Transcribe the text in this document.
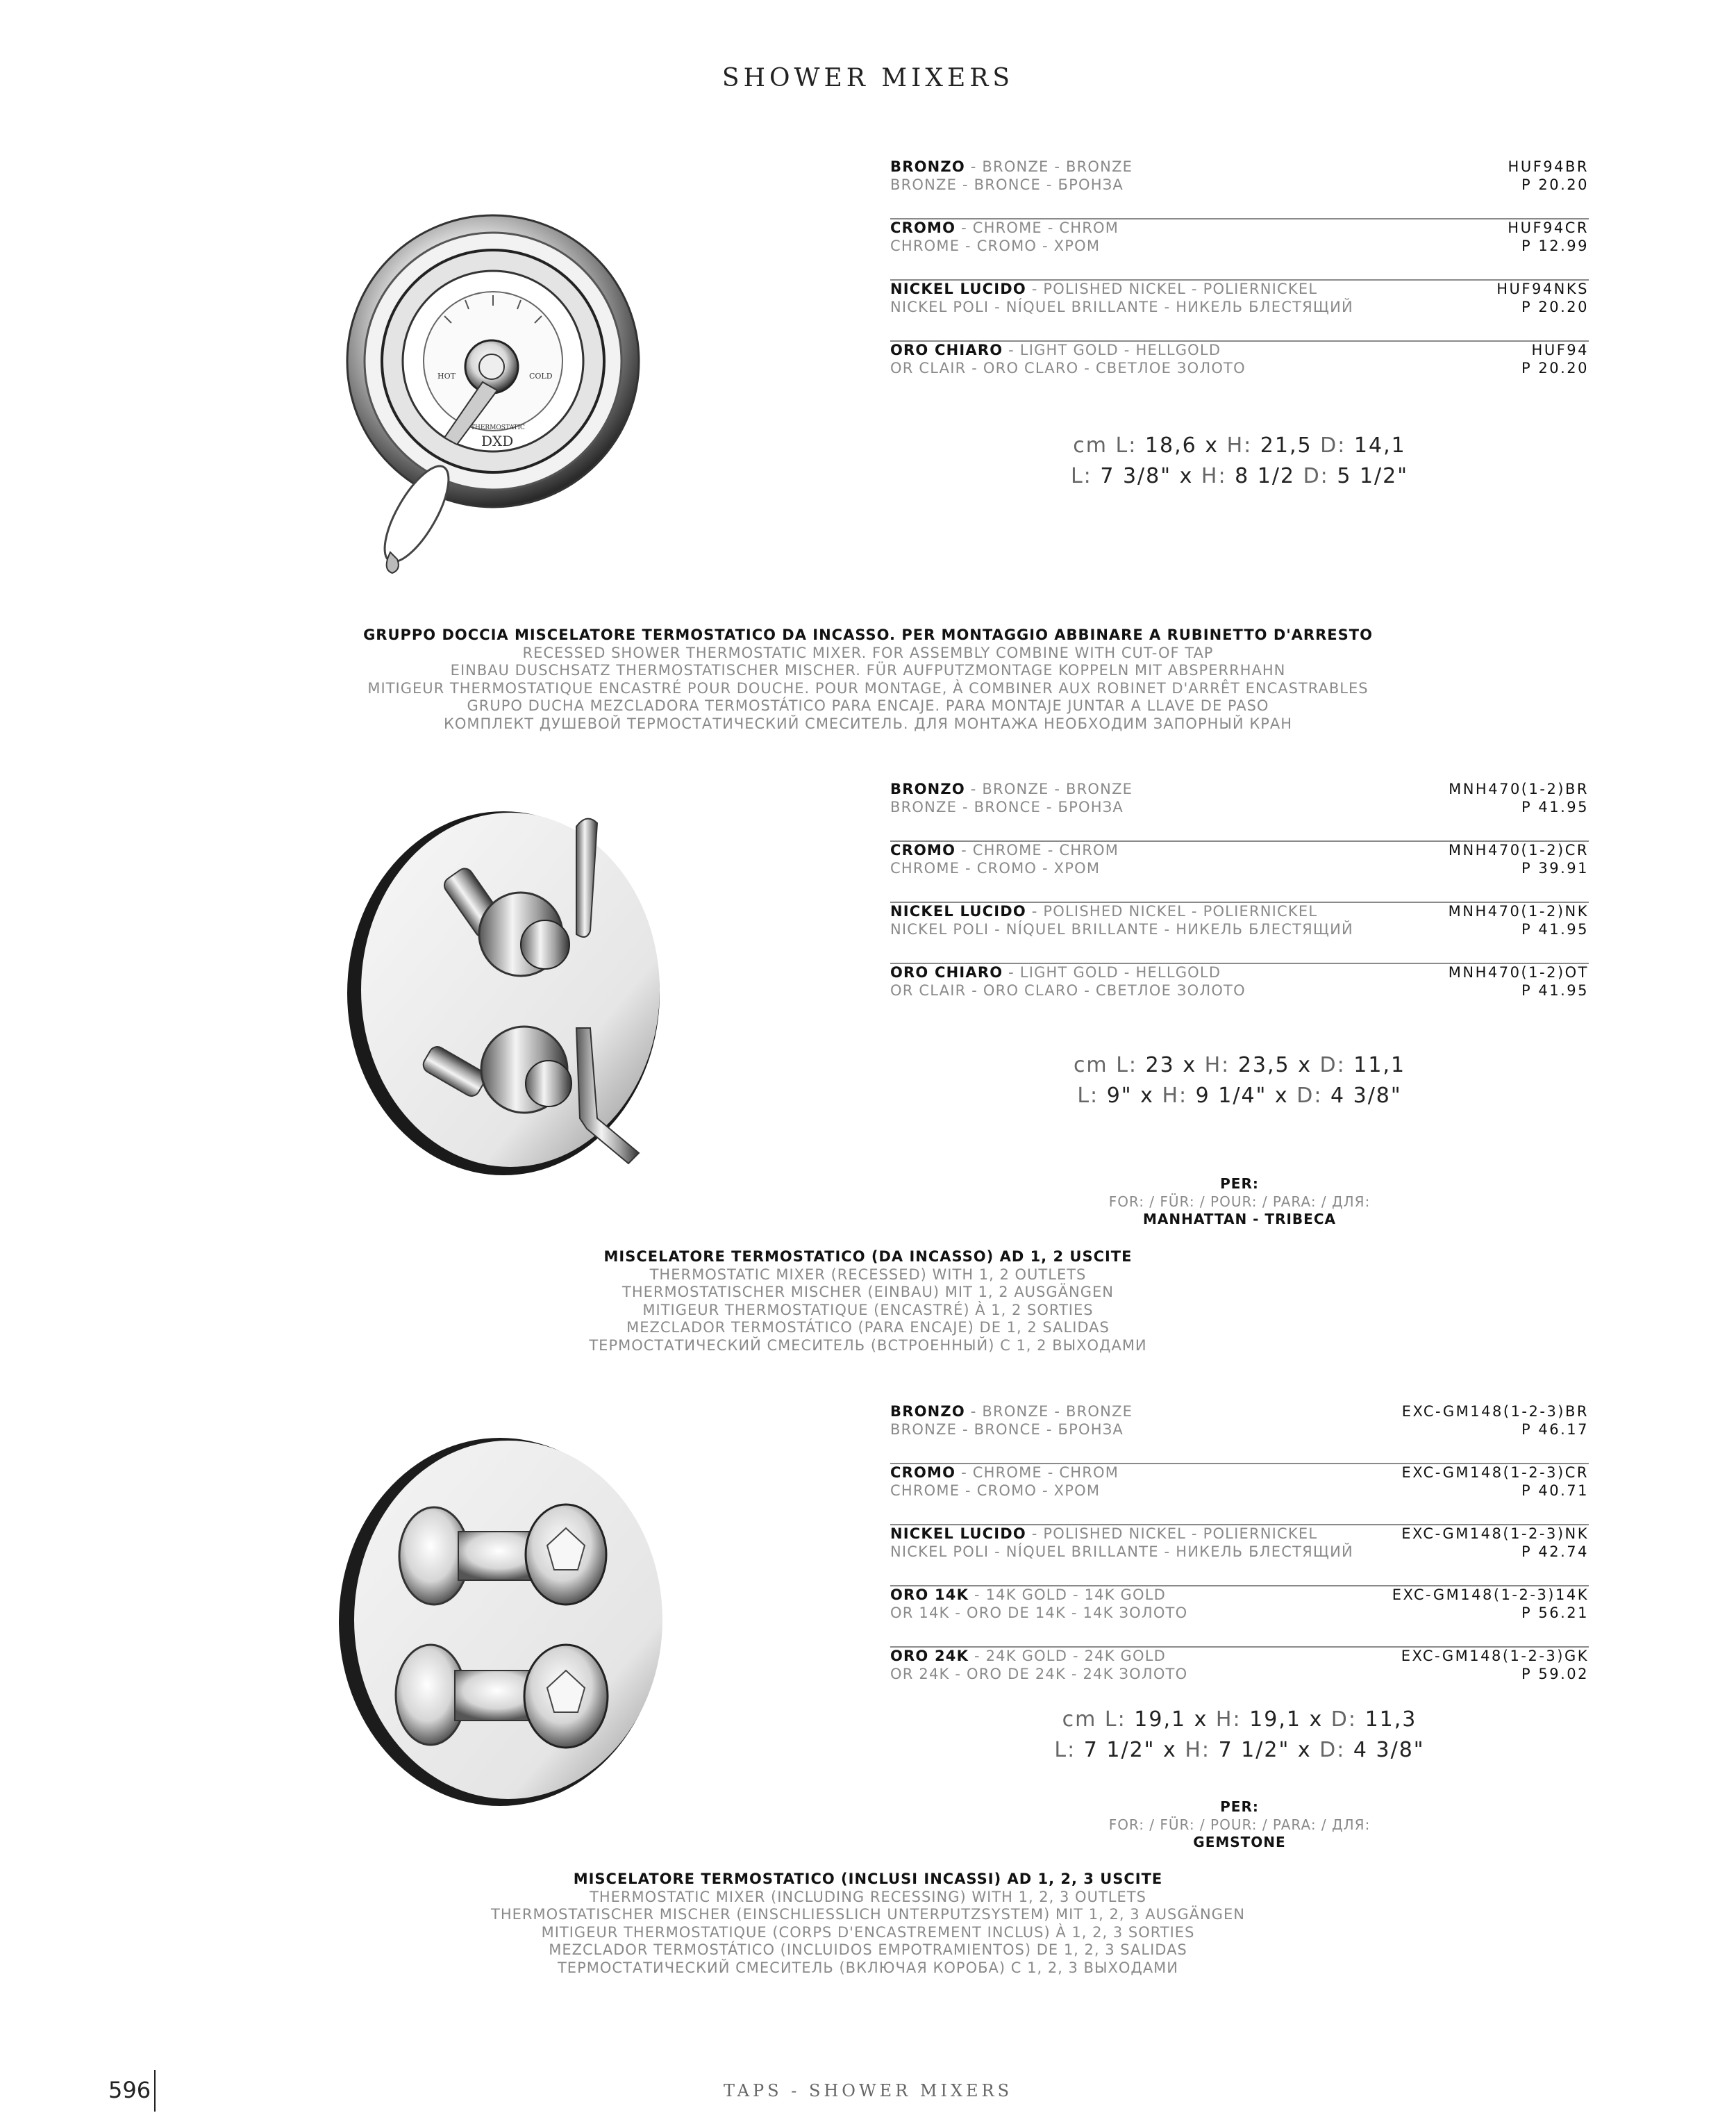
SHOWER MIXERS
HOT	COLD
THERMOSTATIC
DXD
BRONZO - BRONZE - BRONZE
BRONZE - BRONCE - БРОНЗА
HUF94BR
P 20.20
CROMO - CHROME - CHROM
CHROME - CROMO - ХРОМ
HUF94CR
P 12.99
NICKEL LUCIDO - POLISHED NICKEL - POLIERNICKEL
NICKEL POLI - NÍQUEL BRILLANTE - НИКЕЛЬ БЛЕСТЯЩИЙ
HUF94NKS
P 20.20
ORO CHIARO - LIGHT GOLD - HELLGOLD
OR CLAIR - ORO CLARO - СВЕТЛОЕ ЗОЛОТО
HUF94
P 20.20
cm L: 18,6 x H: 21,5 D: 14,1
L: 7 3/8" x H: 8 1/2 D: 5 1/2"
GRUPPO DOCCIA MISCELATORE TERMOSTATICO DA INCASSO. PER MONTAGGIO ABBINARE A RUBINETTO D'ARRESTO
RECESSED SHOWER THERMOSTATIC MIXER. FOR ASSEMBLY COMBINE WITH CUT-OF TAP
EINBAU DUSCHSATZ THERMOSTATISCHER MISCHER. FÜR AUFPUTZMONTAGE KOPPELN MIT ABSPERRHAHN
MITIGEUR THERMOSTATIQUE ENCASTRÉ POUR DOUCHE. POUR MONTAGE, À COMBINER AUX ROBINET D'ARRÊT ENCASTRABLES
GRUPO DUCHA MEZCLADORA TERMOSTÁTICO PARA ENCAJE. PARA MONTAJE JUNTAR A LLAVE DE PASO
КОМПЛЕКТ ДУШЕВОЙ ТЕРМОСТАТИЧЕСКИЙ СМЕСИТЕЛЬ. ДЛЯ МОНТАЖА НЕОБХОДИМ ЗАПОРНЫЙ КРАН
BRONZO - BRONZE - BRONZE
BRONZE - BRONCE - БРОНЗА
MNH470(1-2)BR
P 41.95
CROMO - CHROME - CHROM
CHROME - CROMO - ХРОМ
MNH470(1-2)CR
P 39.91
NICKEL LUCIDO - POLISHED NICKEL - POLIERNICKEL
NICKEL POLI - NÍQUEL BRILLANTE - НИКЕЛЬ БЛЕСТЯЩИЙ
MNH470(1-2)NK
P 41.95
ORO CHIARO - LIGHT GOLD - HELLGOLD
OR CLAIR - ORO CLARO - СВЕТЛОЕ ЗОЛОТО
MNH470(1-2)OT
P 41.95
cm L: 23 x H: 23,5 x D: 11,1
L: 9" x H: 9 1/4" x D: 4 3/8"
PER:
FOR: / FÜR: / POUR: / PARA: / ДЛЯ:
MANHATTAN - TRIBECA
MISCELATORE TERMOSTATICO (DA INCASSO) AD 1, 2 USCITE
THERMOSTATIC MIXER (RECESSED) WITH 1, 2 OUTLETS
THERMOSTATISCHER MISCHER (EINBAU) MIT 1, 2 AUSGÄNGEN
MITIGEUR THERMOSTATIQUE (ENCASTRÉ) À 1, 2 SORTIES
MEZCLADOR TERMOSTÁTICO (PARA ENCAJE) DE 1, 2 SALIDAS
ТЕРМОСТАТИЧЕСКИЙ СМЕСИТЕЛЬ (ВСТРОЕННЫЙ) С 1, 2 ВЫХОДАМИ
BRONZO - BRONZE - BRONZE
BRONZE - BRONCE - БРОНЗА
EXC-GM148(1-2-3)BR
P 46.17
CROMO - CHROME - CHROM
CHROME - CROMO - ХРОМ
EXC-GM148(1-2-3)CR
P 40.71
NICKEL LUCIDO - POLISHED NICKEL - POLIERNICKEL
NICKEL POLI - NÍQUEL BRILLANTE - НИКЕЛЬ БЛЕСТЯЩИЙ
EXC-GM148(1-2-3)NK
P 42.74
ORO 14K - 14K GOLD - 14K GOLD
OR 14K - ORO DE 14K - 14K ЗОЛОТО
EXC-GM148(1-2-3)14K
P 56.21
ORO 24K - 24K GOLD - 24K GOLD
OR 24K - ORO DE 24K - 24K ЗОЛОТО
EXC-GM148(1-2-3)GK
P 59.02
cm L: 19,1 x H: 19,1 x D: 11,3
L: 7 1/2" x H: 7 1/2" x D: 4 3/8"
PER:
FOR: / FÜR: / POUR: / PARA: / ДЛЯ:
GEMSTONE
MISCELATORE TERMOSTATICO (INCLUSI INCASSI) AD 1, 2, 3 USCITE
THERMOSTATIC MIXER (INCLUDING RECESSING) WITH 1, 2, 3 OUTLETS
THERMOSTATISCHER MISCHER (EINSCHLIESSLICH UNTERPUTZSYSTEM) MIT 1, 2, 3 AUSGÄNGEN
MITIGEUR THERMOSTATIQUE (CORPS D'ENCASTREMENT INCLUS) À 1, 2, 3 SORTIES
MEZCLADOR TERMOSTÁTICO (INCLUIDOS EMPOTRAMIENTOS) DE 1, 2, 3 SALIDAS
ТЕРМОСТАТИЧЕСКИЙ СМЕСИТЕЛЬ (ВКЛЮЧАЯ КОРОБА) С 1, 2, 3 ВЫХОДАМИ
596	TAPS - SHOWER MIXERS
